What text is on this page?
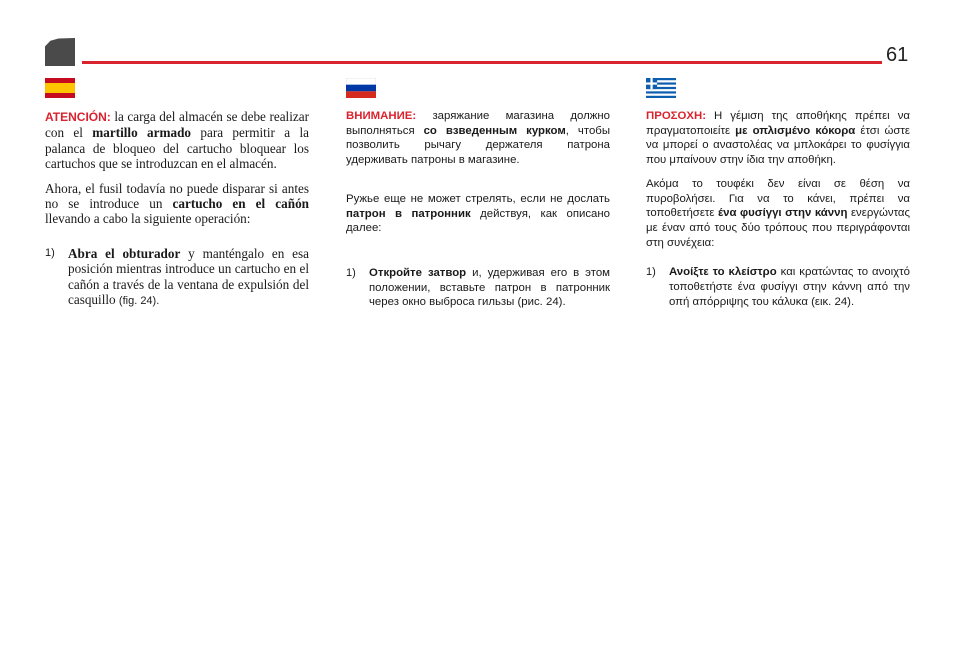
61

ATENCIÓN: la carga del almacén se debe realizar con el martillo armado para permitir a la palanca de bloqueo del cartucho bloquear los cartuchos que se introduzcan en el almacén.

Ahora, el fusil todavía no puede disparar si antes no se introduce un cartucho en el cañón llevando a cabo la siguiente operación:

1)	Abra el obturador y manténgalo en esa posición mientras introduce un cartucho en el cañón a través de la ventana de expulsión del casquillo (fig. 24).

ВНИМАНИЕ: заряжание магазина должно выполняться со взведенным курком, чтобы позволить рычагу держателя патрона удерживать патроны в магазине.

Ружье еще не может стрелять, если не дослать патрон в патронник действуя, как описано далее:

1)	Откройте затвор и, удерживая его в этом положении, вставьте патрон в патронник через окно выброса гильзы (рис. 24).

ΠΡΟΣΟΧΗ: Η γέμιση της αποθήκης πρέπει να πραγματοποιείτε με οπλισμένο κόκορα έτσι ώστε να μπορεί ο αναστολέας να μπλοκάρει το φυσίγγια που μπαίνουν στην ίδια την αποθήκη.

Ακόμα το τουφέκι δεν είναι σε θέση να πυροβολήσει. Για να το κάνει, πρέπει να τοποθετήσετε ένα φυσίγγι στην κάννη ενεργώντας με έναν από τους δύο τρόπους που περιγράφονται στη συνέχεια:

1)	Ανοίξτε το κλείστρο και κρατώντας το ανοιχτό τοποθετήστε ένα φυσίγγι στην κάννη από την οπή απόρριψης του κάλυκα (εικ. 24).
